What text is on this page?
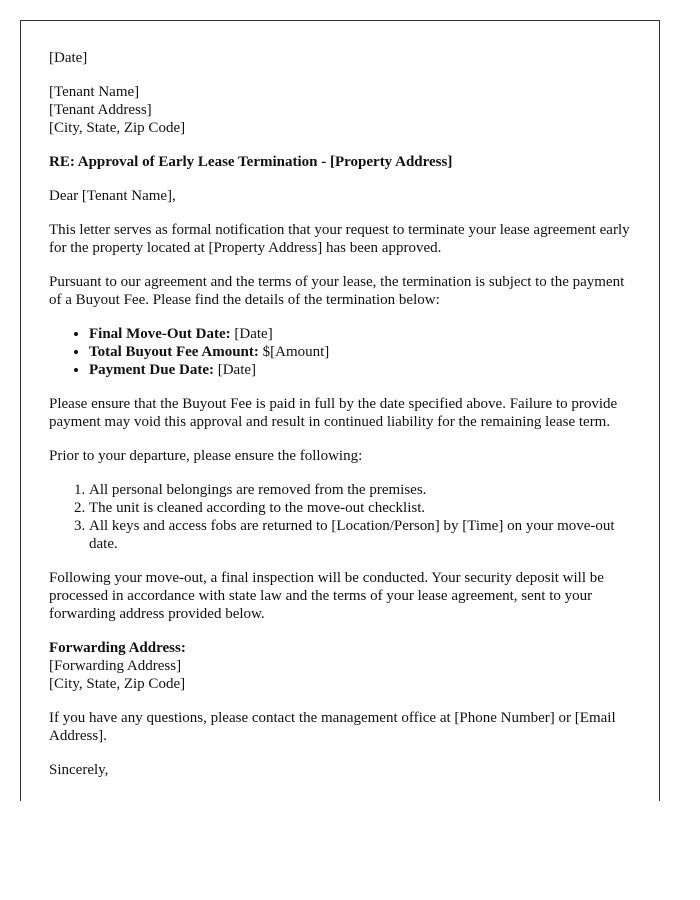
[Date]

[Tenant Name]
[Tenant Address]
[City, State, Zip Code]

RE: Approval of Early Lease Termination - [Property Address]

Dear [Tenant Name],

This letter serves as formal notification that your request to terminate your lease agreement early for the property located at [Property Address] has been approved.

Pursuant to our agreement and the terms of your lease, the termination is subject to the payment of a Buyout Fee. Please find the details of the termination below:

• Final Move-Out Date: [Date]
• Total Buyout Fee Amount: $[Amount]
• Payment Due Date: [Date]

Please ensure that the Buyout Fee is paid in full by the date specified above. Failure to provide payment may void this approval and result in continued liability for the remaining lease term.

Prior to your departure, please ensure the following:

1. All personal belongings are removed from the premises.
2. The unit is cleaned according to the move-out checklist.
3. All keys and access fobs are returned to [Location/Person] by [Time] on your move-out date.

Following your move-out, a final inspection will be conducted. Your security deposit will be processed in accordance with state law and the terms of your lease agreement, sent to your forwarding address provided below.

Forwarding Address:
[Forwarding Address]
[City, State, Zip Code]

If you have any questions, please contact the management office at [Phone Number] or [Email Address].

Sincerely,
